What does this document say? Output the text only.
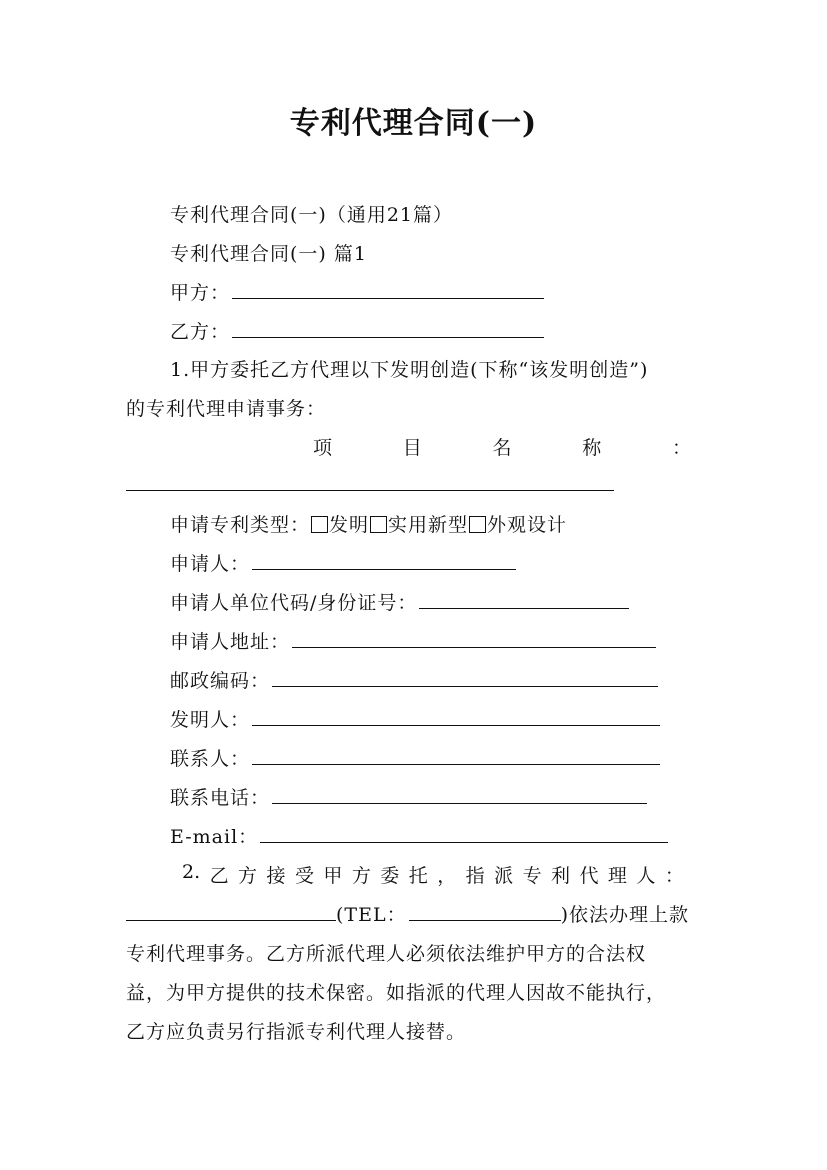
专利代理合同(一)
专利代理合同(一)（通用21篇）
专利代理合同(一) 篇1
甲方：
乙方：
1.甲方委托乙方代理以下发明创造(下称“该发明创造”)
的专利代理申请事务：
项	目	名	称	：
申请专利类型： 发明 实用新型 外观设计
申请人：
申请人单位代码/身份证号：
申请人地址：
邮政编码：
发明人：
联系人：
联系电话：
E-mail：
2. 乙 方 接 受 甲 方 委 托 ， 指 派 专 利 代 理 人 ：
(TEL：	)依法办理上款
专利代理事务。乙方所派代理人必须依法维护甲方的合法权
益，为甲方提供的技术保密。如指派的代理人因故不能执行，
乙方应负责另行指派专利代理人接替。
